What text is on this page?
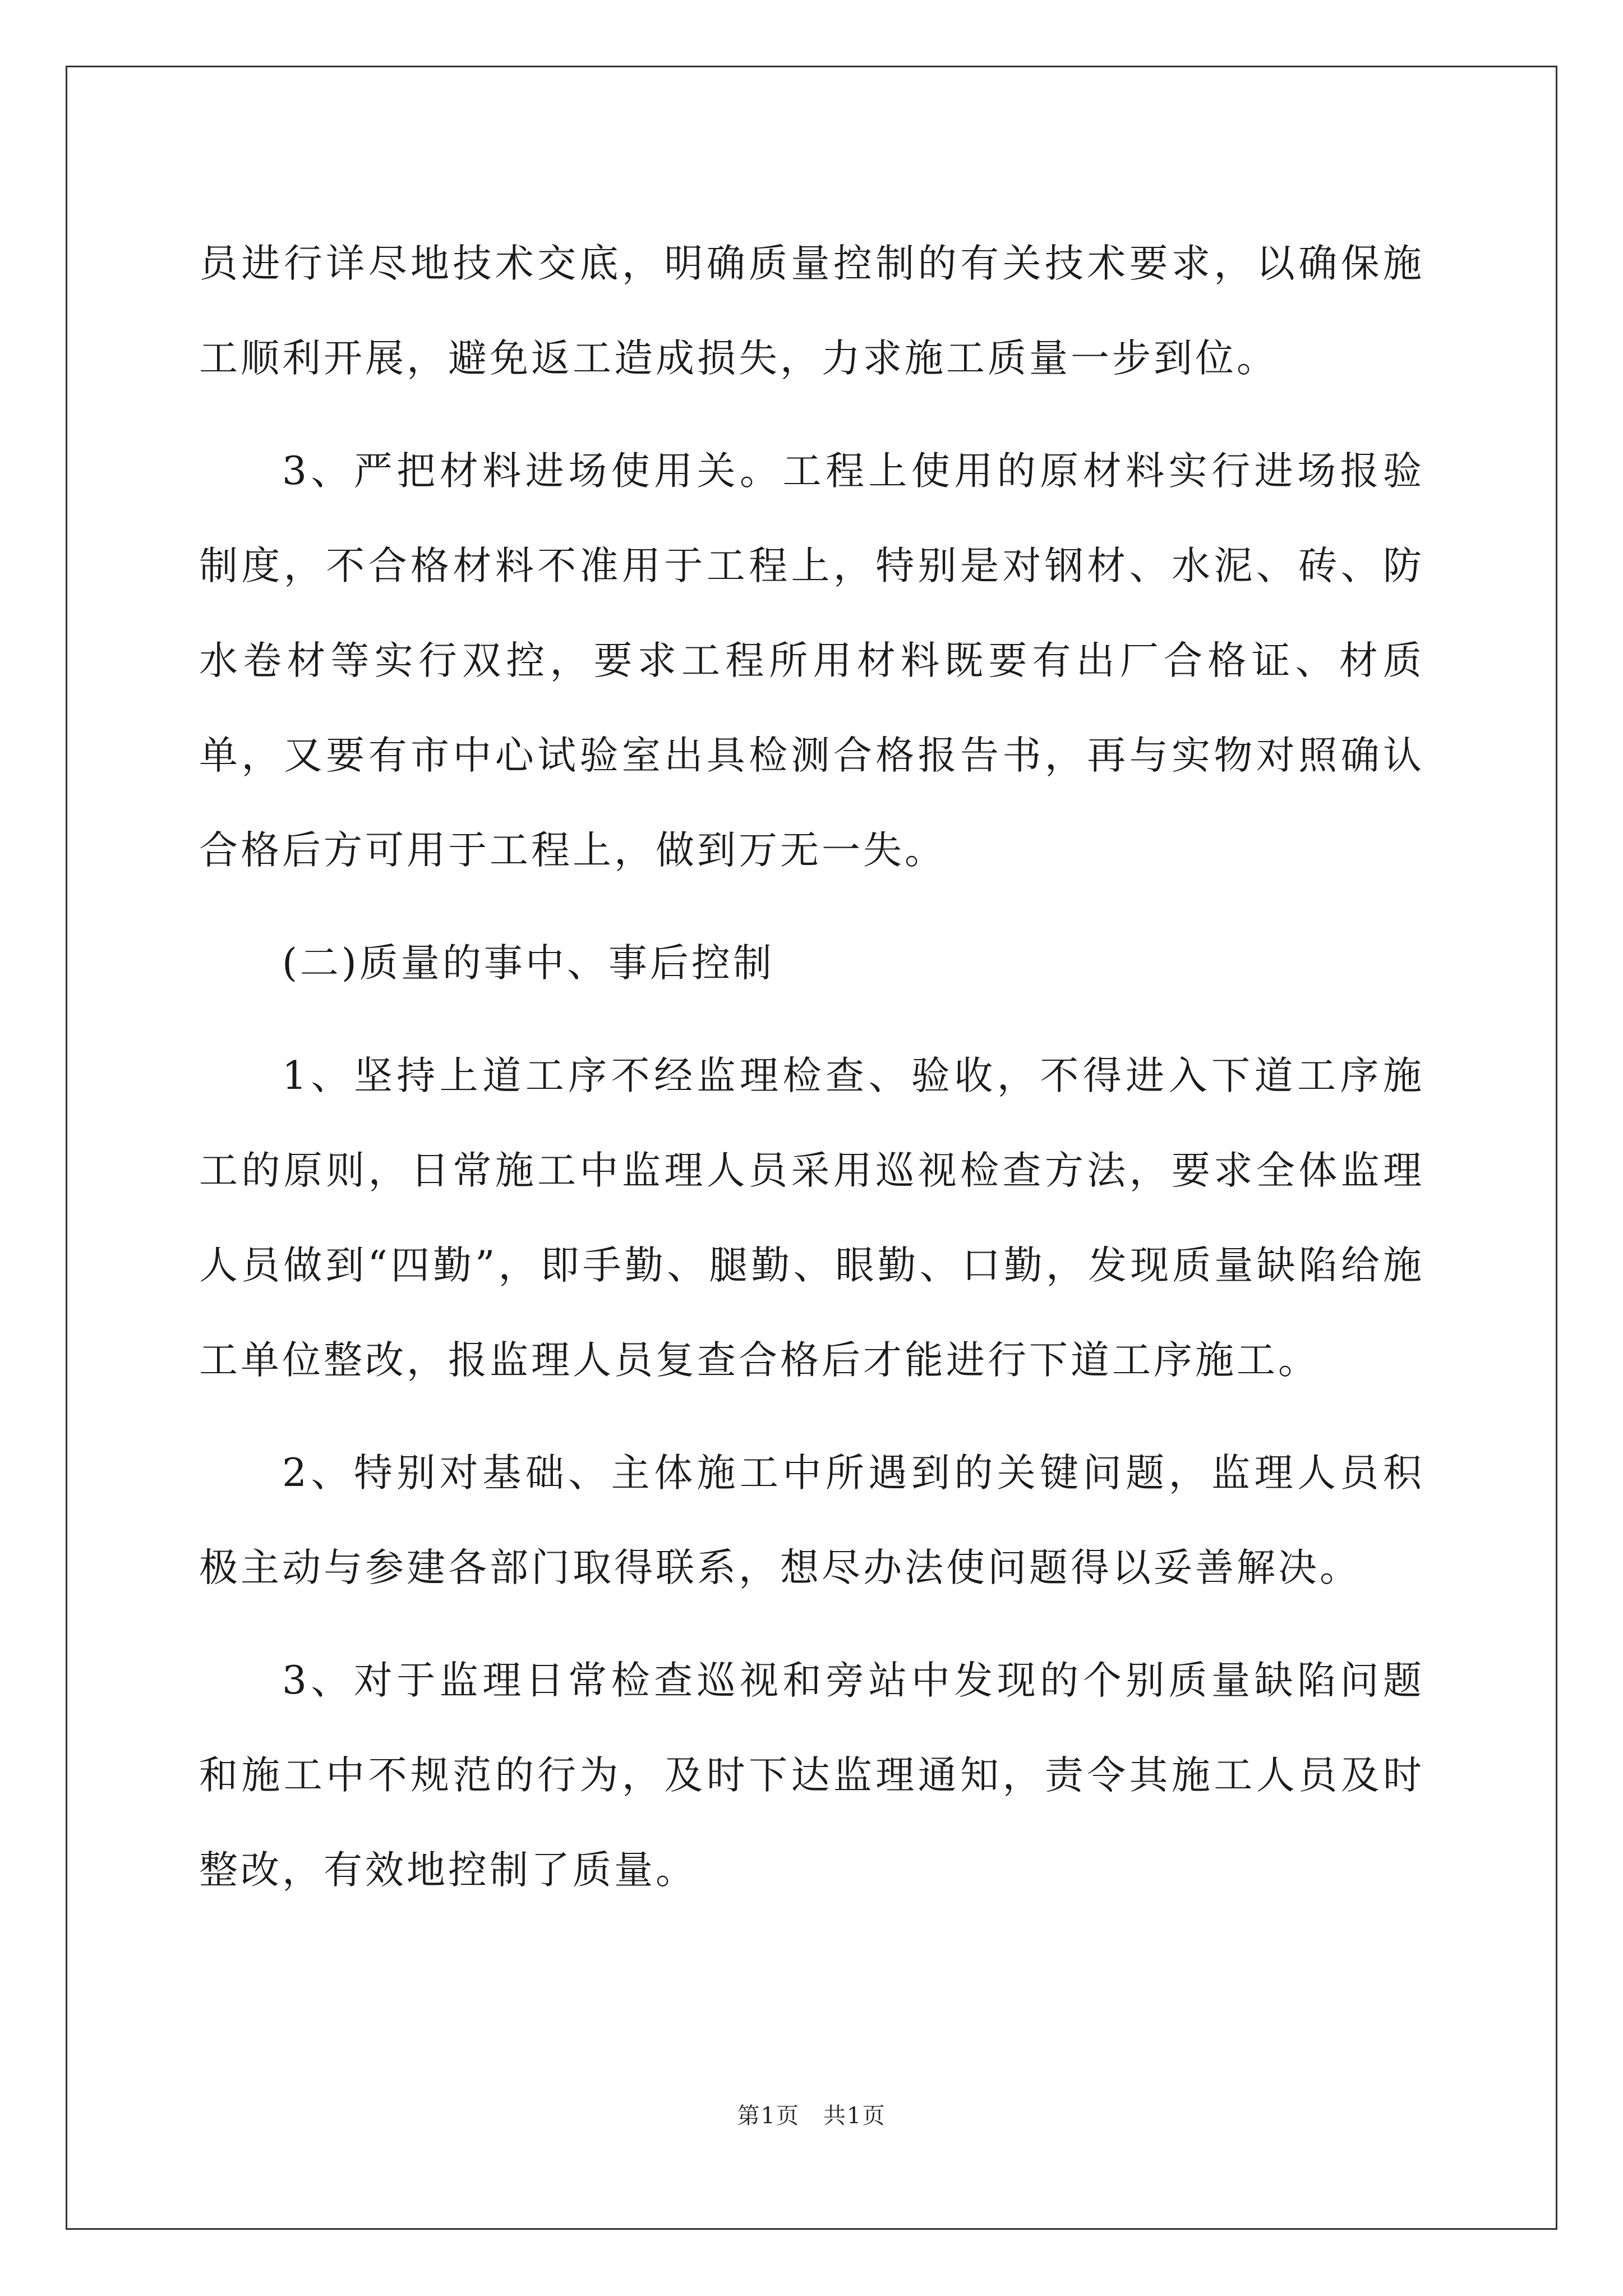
员进行详尽地技术交底，明确质量控制的有关技术要求，以确保施工顺利开展，避免返工造成损失，力求施工质量一步到位。

3、严把材料进场使用关。工程上使用的原材料实行进场报验制度，不合格材料不准用于工程上，特别是对钢材、水泥、砖、防水卷材等实行双控，要求工程所用材料既要有出厂合格证、材质单，又要有市中心试验室出具检测合格报告书，再与实物对照确认合格后方可用于工程上，做到万无一失。

(二)质量的事中、事后控制

1、坚持上道工序不经监理检查、验收，不得进入下道工序施工的原则，日常施工中监理人员采用巡视检查方法，要求全体监理人员做到“四勤”，即手勤、腿勤、眼勤、口勤，发现质量缺陷给施工单位整改，报监理人员复查合格后才能进行下道工序施工。

2、特别对基础、主体施工中所遇到的关键问题，监理人员积极主动与参建各部门取得联系，想尽办法使问题得以妥善解决。

3、对于监理日常检查巡视和旁站中发现的个别质量缺陷问题和施工中不规范的行为，及时下达监理通知，责令其施工人员及时整改，有效地控制了质量。

第1页　共1页
